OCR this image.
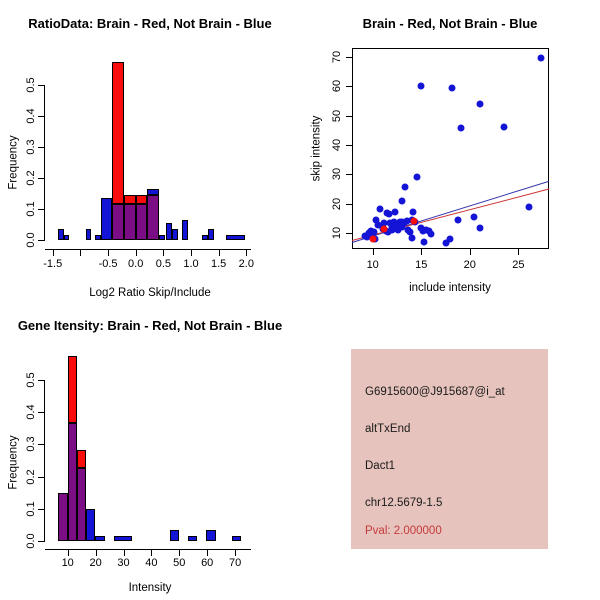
RatioData: Brain - Red, Not Brain - Blue	Brain - Red, Not Brain - Blue
Gene Itensity: Brain - Red, Not Brain - Blue
Log2 Ratio Skip/Include
Frequency
include intensity
skip intensity
Intensity
Frequency
0.0
0.1
0.2
0.3
0.4
0.5
-1.5	-0.5 0.0 0.5 1.0 1.5 2.0	10	15	20	25
10
20
30
40
50
60
70
0.0
0.1
0.2
0.3
0.4
0.5
10 20 30 40 50 60 70
G6915600@J915687@i_at
altTxEnd
Dact1
chr12.5679-1.5
Pval: 2.000000
